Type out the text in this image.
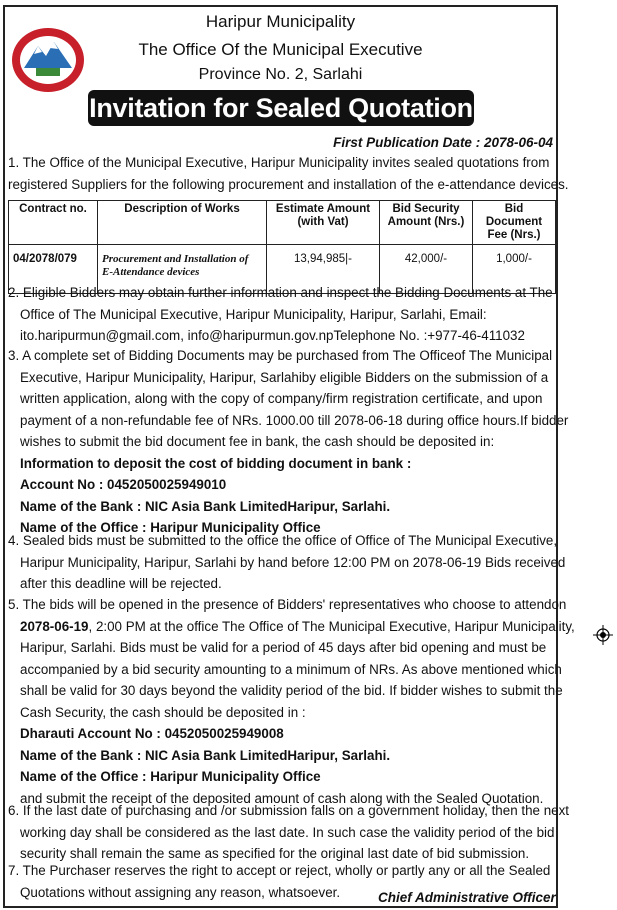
Haripur Municipality
The Office Of the Municipal Executive
Province No. 2, Sarlahi
Invitation for Sealed Quotation
First Publication Date : 2078-06-04
1. The Office of the Municipal Executive, Haripur Municipality invites sealed quotations from
registered Suppliers for the following procurement and installation of the e-attendance devices.
Contract no.	Description of Works	Estimate Amount (with Vat)	Bid Security Amount (Nrs.)	Bid Document Fee (Nrs.)
04/2078/079	Procurement and Installation of E-Attendance devices	13,94,985|-	42,000/-	1,000/-
2. Eligible Bidders may obtain further information and inspect the Bidding Documents at The
Office of The Municipal Executive, Haripur Municipality, Haripur, Sarlahi, Email:
ito.haripurmun@gmail.com, info@haripurmun.gov.npTelephone No. :+977-46-411032
3. A complete set of Bidding Documents may be purchased from The Officeof The Municipal
Executive, Haripur Municipality, Haripur, Sarlahiby eligible Bidders on the submission of a
written application, along with the copy of company/firm registration certificate, and upon
payment of a non-refundable fee of NRs. 1000.00 till 2078-06-18 during office hours.If bidder
wishes to submit the bid document fee in bank, the cash should be deposited in:
Information to deposit the cost of bidding document in bank :
Account No : 0452050025949010
Name of the Bank : NIC Asia Bank LimitedHaripur, Sarlahi.
Name of the Office : Haripur Municipality Office
4. Sealed bids must be submitted to the office the office of Office of The Municipal Executive,
Haripur Municipality, Haripur, Sarlahi by hand before 12:00 PM on 2078-06-19 Bids received
after this deadline will be rejected.
5. The bids will be opened in the presence of Bidders' representatives who choose to attendon
2078-06-19, 2:00 PM at the office The Office of The Municipal Executive, Haripur Municipality,
Haripur, Sarlahi. Bids must be valid for a period of 45 days after bid opening and must be
accompanied by a bid security amounting to a minimum of NRs. As above mentioned which
shall be valid for 30 days beyond the validity period of the bid. If bidder wishes to submit the
Cash Security, the cash should be deposited in :
Dharauti Account No : 0452050025949008
Name of the Bank : NIC Asia Bank LimitedHaripur, Sarlahi.
Name of the Office : Haripur Municipality Office
and submit the receipt of the deposited amount of cash along with the Sealed Quotation.
6. If the last date of purchasing and /or submission falls on a government holiday, then the next
working day shall be considered as the last date. In such case the validity period of the bid
security shall remain the same as specified for the original last date of bid submission.
7. The Purchaser reserves the right to accept or reject, wholly or partly any or all the Sealed
Quotations without assigning any reason, whatsoever.	Chief Administrative Officer
